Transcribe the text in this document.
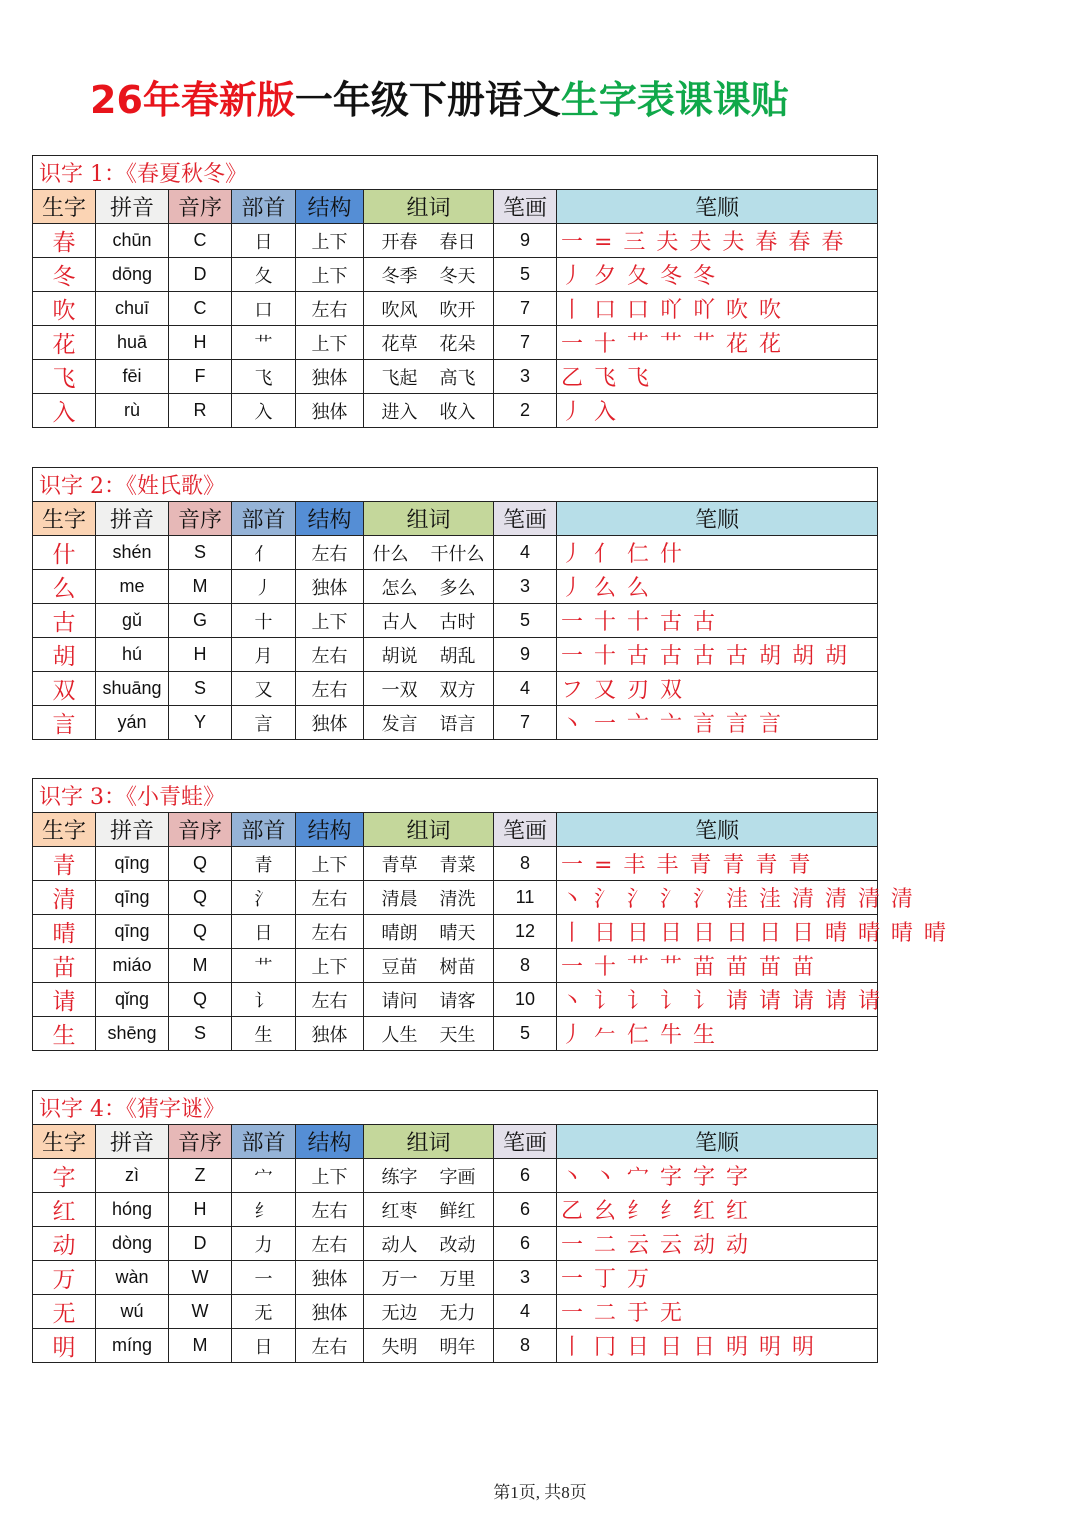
26年春新版一年级下册语文生字表课课贴
识字 1：《春夏秋冬》							
生字	拼音	音序	部首	结构	组词	笔画	笔顺
春	chūn	C	日	上下	开春 春日	9	一 = 三 夫 夫 夫 春 春 春
冬	dōng	D	夂	上下	冬季 冬天	5	丿 夕 夂 冬 冬
吹	chuī	C	口	左右	吹风 吹开	7	丨 口 口 吖 吖 吹 吹
花	huā	H	艹	上下	花草 花朵	7	一 十 艹 艹 艹 花 花
飞	fēi	F	飞	独体	飞起 高飞	3	乙 飞 飞
入	rù	R	入	独体	进入 收入	2	丿 入
识字 2：《姓氏歌》							
生字	拼音	音序	部首	结构	组词	笔画	笔顺
什	shén	S	亻	左右	什么 干什么	4	丿 亻 仁 什
么	me	M	丿	独体	怎么 多么	3	丿 么 么
古	gǔ	G	十	上下	古人 古时	5	一 十 十 古 古
胡	hú	H	月	左右	胡说 胡乱	9	一 十 古 古 古 古 胡 胡 胡
双	shuāng	S	又	左右	一双 双方	4	フ 又 刃 双
言	yán	Y	言	独体	发言 语言	7	丶 一 亠 亠 言 言 言
识字 3：《小青蛙》							
生字	拼音	音序	部首	结构	组词	笔画	笔顺
青	qīng	Q	青	上下	青草 青菜	8	一 = 丰 丰 青 青 青 青
清	qīng	Q	氵	左右	清晨 清洗	11	丶 氵 氵 氵 氵 洼 洼 清 清 清 清
晴	qīng	Q	日	左右	晴朗 晴天	12	丨 日 日 日 日 日 日 日 晴 晴 晴 晴
苗	miáo	M	艹	上下	豆苗 树苗	8	一 十 艹 艹 苗 苗 苗 苗
请	qǐng	Q	讠	左右	请问 请客	10	丶 讠 讠 讠 讠 请 请 请 请 请
生	shēng	S	生	独体	人生 天生	5	丿 𠂉 仁 牛 生
识字 4：《猜字谜》							
生字	拼音	音序	部首	结构	组词	笔画	笔顺
字	zì	Z	宀	上下	练字 字画	6	丶 丶 宀 字 字 字
红	hóng	H	纟	左右	红枣 鲜红	6	乙 幺 纟 纟 红 红
动	dòng	D	力	左右	动人 改动	6	一 二 云 云 动 动
万	wàn	W	一	独体	万一 万里	3	一 丁 万
无	wú	W	无	独体	无边 无力	4	一 二 于 无
明	míng	M	日	左右	失明 明年	8	丨 冂 日 日 日 明 明 明
第1页, 共8页
